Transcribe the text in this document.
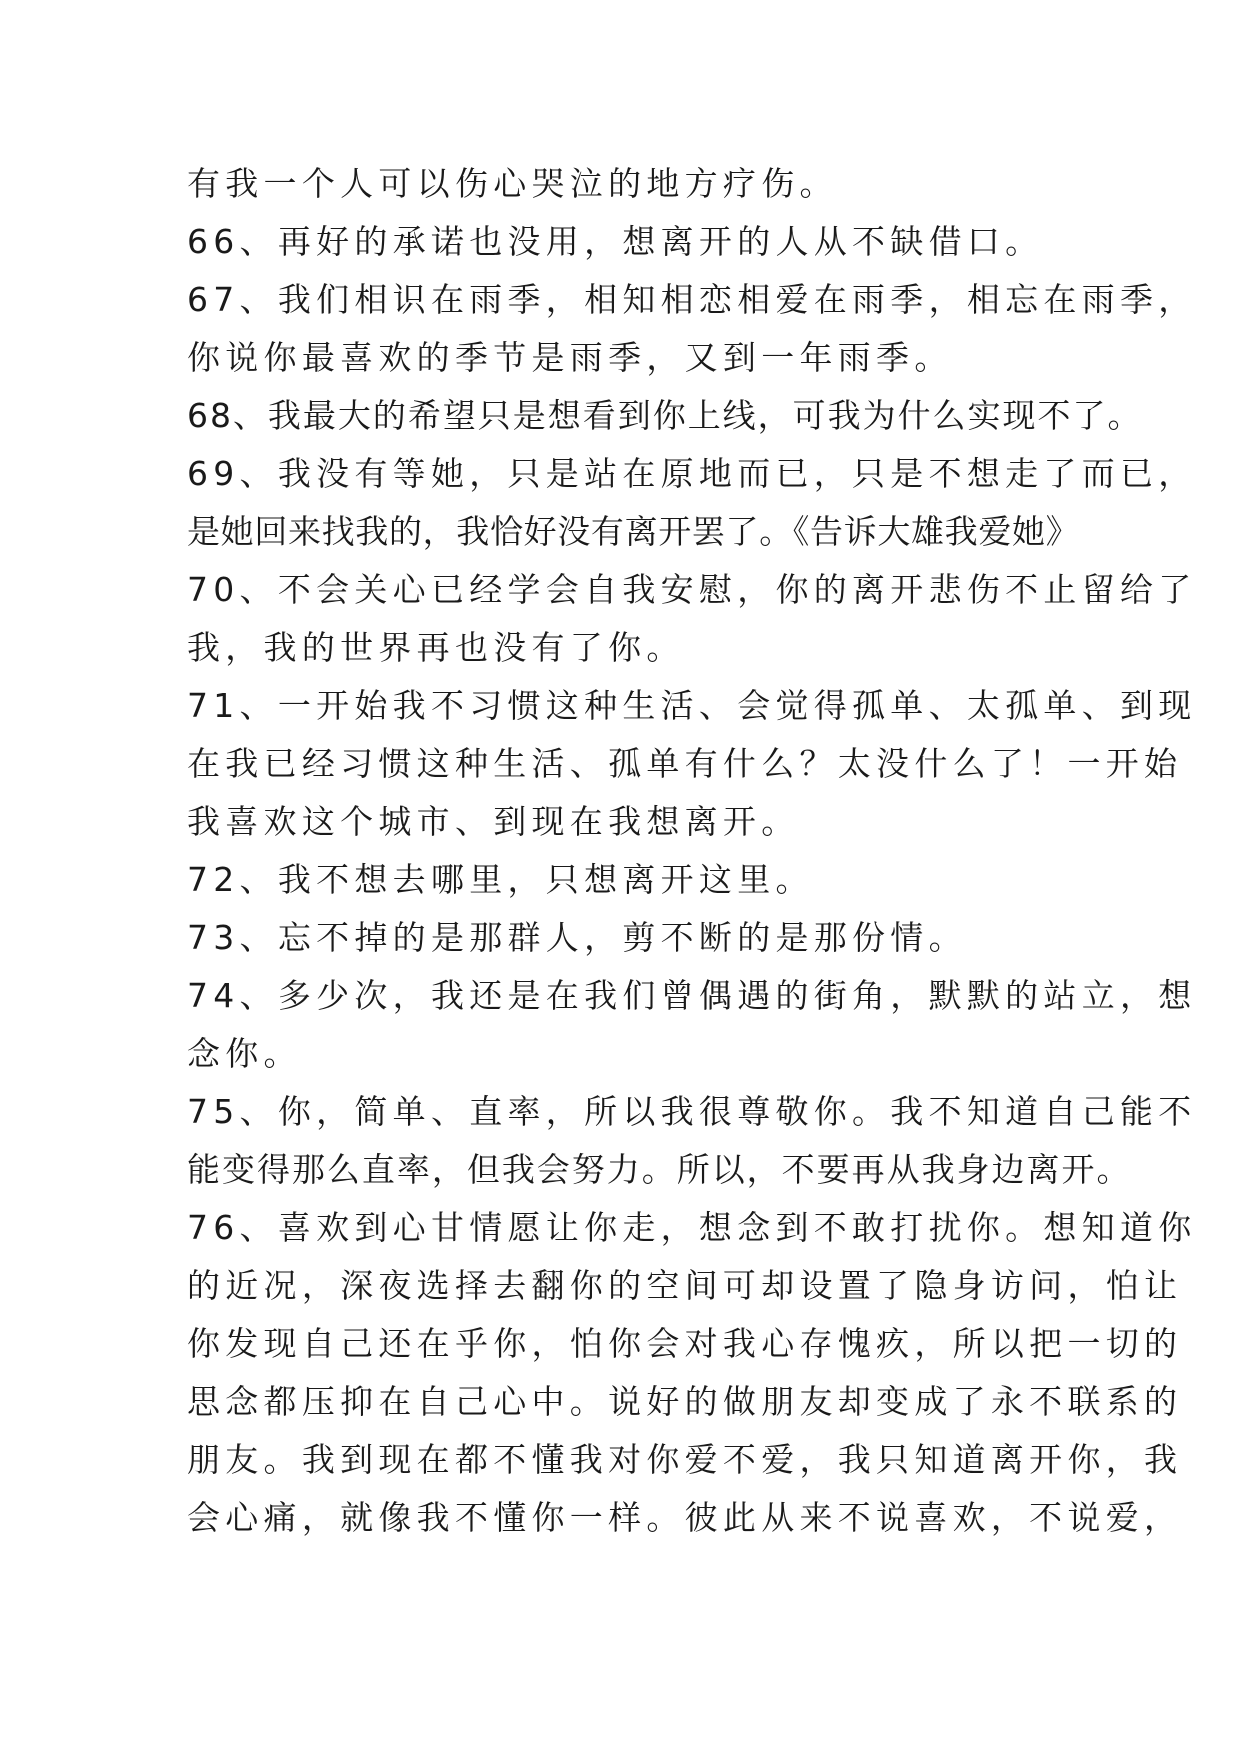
有我一个人可以伤心哭泣的地方疗伤。
66、再好的承诺也没用，想离开的人从不缺借口。
67、我们相识在雨季，相知相恋相爱在雨季，相忘在雨季，
你说你最喜欢的季节是雨季，又到一年雨季。
68、我最大的希望只是想看到你上线，可我为什么实现不了。
69、我没有等她，只是站在原地而已，只是不想走了而已，
是她回来找我的，我恰好没有离开罢了。《告诉大雄我爱她》
70、不会关心已经学会自我安慰，你的离开悲伤不止留给了
我，我的世界再也没有了你。
71、一开始我不习惯这种生活、会觉得孤单、太孤单、到现
在我已经习惯这种生活、孤单有什么？太没什么了！一开始
我喜欢这个城市、到现在我想离开。
72、我不想去哪里，只想离开这里。
73、忘不掉的是那群人，剪不断的是那份情。
74、多少次，我还是在我们曾偶遇的街角，默默的站立，想
念你。
75、你，简单、直率，所以我很尊敬你。我不知道自己能不
能变得那么直率，但我会努力。所以，不要再从我身边离开。
76、喜欢到心甘情愿让你走，想念到不敢打扰你。想知道你
的近况，深夜选择去翻你的空间可却设置了隐身访问，怕让
你发现自己还在乎你，怕你会对我心存愧疚，所以把一切的
思念都压抑在自己心中。说好的做朋友却变成了永不联系的
朋友。我到现在都不懂我对你爱不爱，我只知道离开你，我
会心痛，就像我不懂你一样。彼此从来不说喜欢，不说爱，
